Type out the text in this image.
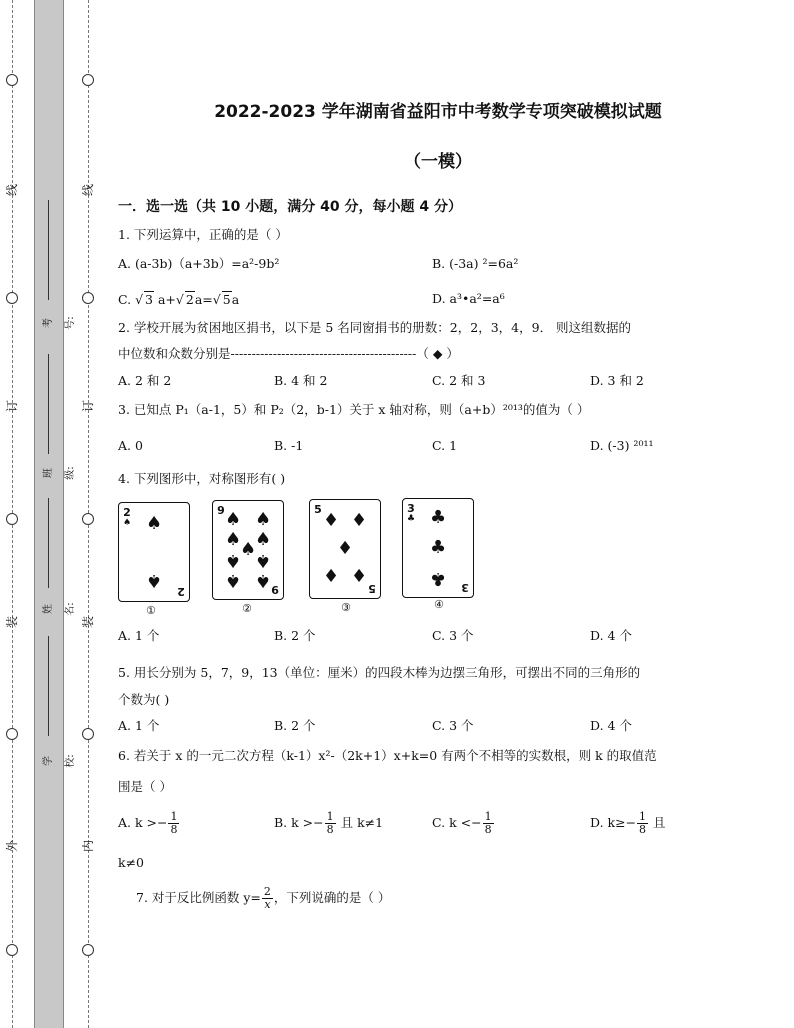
线
订
装
外
线
订
装
内
考号:
班级:
姓名:
学校:
2022-2023 学年湖南省益阳市中考数学专项突破模拟试题
（一模）
一．选一选（共 10 小题，满分 40 分，每小题 4 分）
1. 下列运算中，正确的是（ ）
A. (a-3b)（a+3b）=a²-9b²	B. (-3a) ²=6a²
C. √ 3 a+√ 2a=√ 5a	D. a³•a²=a⁶
2. 学校开展为贫困地区捐书，以下是 5 名同窗捐书的册数：2，2，3，4，9． 则这组数据的
中位数和众数分别是--------------------------------------------（ ◆ ）
A. 2 和 2	B. 4 和 2	C. 2 和 3	D. 3 和 2
3. 已知点 P₁（a-1，5）和 P₂（2，b-1）关于 x 轴对称，则（a+b）²⁰¹³的值为（ ）
A. 0	B. -1	C. 1	D. (-3) ²⁰¹¹
4. 下列图形中，对称图形有( )
2
♠ ♠
♠
2
①
9 ♠ ♠
♠ ♠
♠
♠ ♠
♠ ♠ 9
②
5
♦ ♦
♦
♦ ♦
5
③
3
♣ ♣
♣
♣ 3
④
A. 1 个	B. 2 个	C. 3 个	D. 4 个
5. 用长分别为 5，7，9，13（单位：厘米）的四段木棒为边摆三角形，可摆出不同的三角形的
个数为( )
A. 1 个	B. 2 个	C. 3 个	D. 4 个
6. 若关于 x 的一元二次方程（k-1）x²-（2k+1）x+k=0 有两个不相等的实数根，则 k 的取值范
围是（ ）
A. $k >- \frac{1}{8}$	B. $k >- \frac{1}{8}$ 且 k≠1	C. $k <- \frac{1}{8}$	D. $k\ge- \frac{1}{8}$ 且
k≠0
7. 对于反比例函数 $y= \frac{2}{x}$ ，下列说确的是（ ）
